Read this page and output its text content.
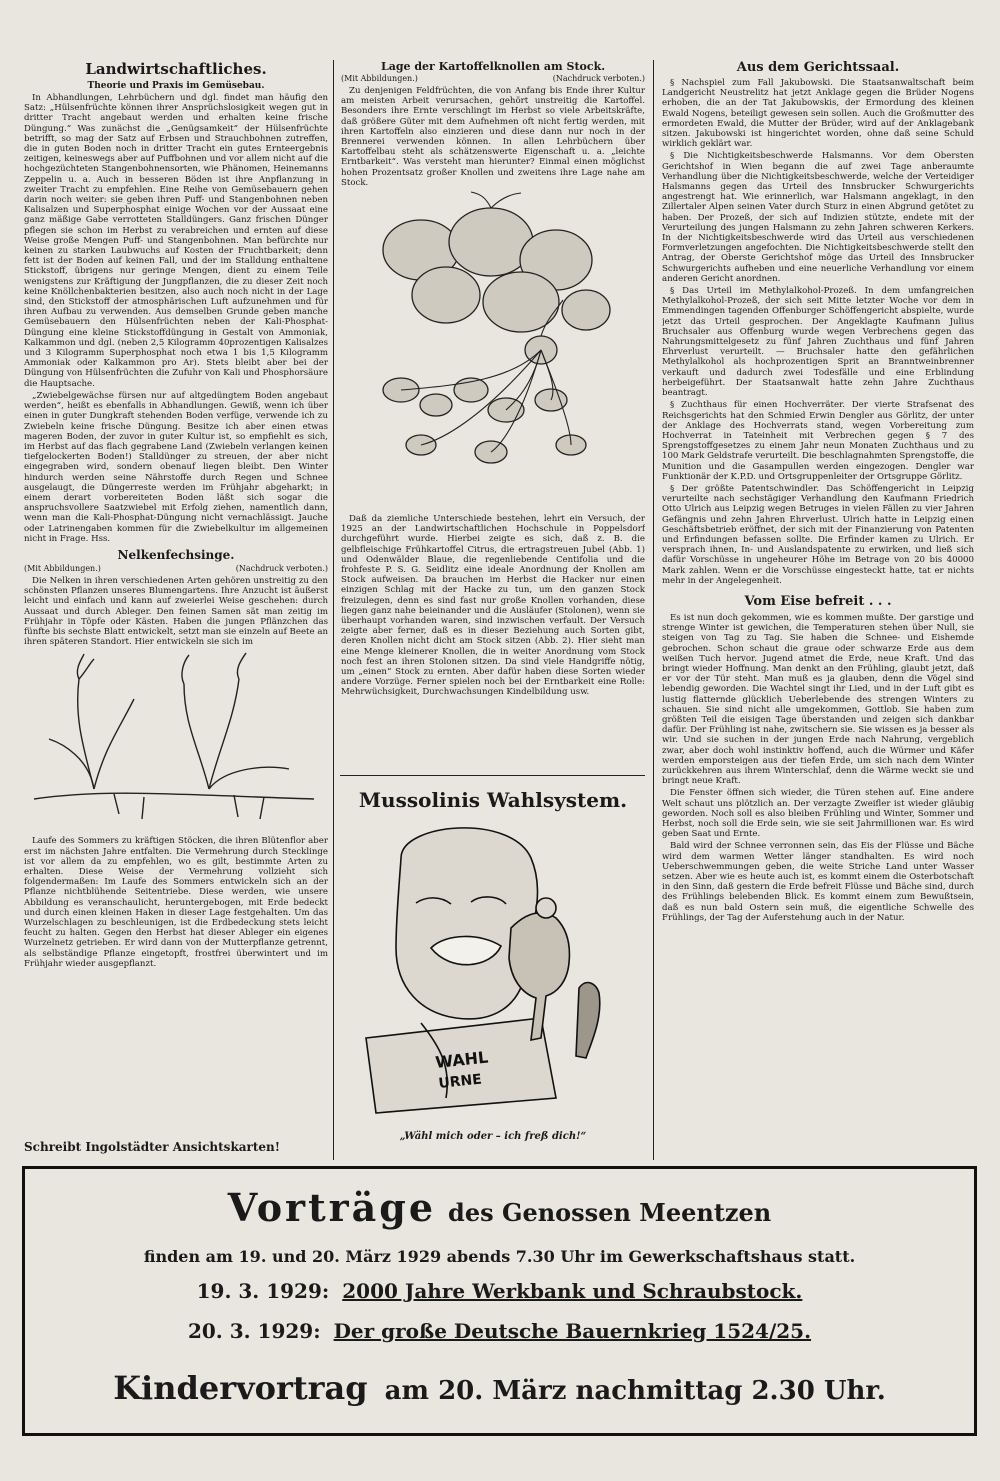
Landwirtschaftliches.
Theorie und Praxis im Gemüsebau.

In Abhandlungen, Lehrbüchern und dgl. findet man häufig den Satz: „Hülsenfrüchte können ihrer Ansprüchslosigkeit wegen gut in dritter Tracht angebaut werden und erhalten keine frische Düngung.“ Was zunächst die „Genügsamkeit“ der Hülsenfrüchte betrifft, so mag der Satz auf Erbsen und Strauchbohnen zutreffen, die in guten Boden noch in dritter Tracht ein gutes Ernteergebnis zeitigen, keineswegs aber auf Puffbohnen und vor allem nicht auf die hochgezüchteten Stangenbohnensorten, wie Phänomen, Heinemanns Zeppelin u. a. Auch in besseren Böden ist ihre Anpflanzung in zweiter Tracht zu empfehlen. Eine Reihe von Gemüsebauern gehen darin noch weiter: sie geben ihren Puff- und Stangenbohnen neben Kalisalzen und Superphosphat einige Wochen vor der Aussaat eine ganz mäßige Gabe verrotteten Stalldüngers. Ganz frischen Dünger pflegen sie schon im Herbst zu verabreichen und ernten auf diese Weise große Mengen Puff- und Stangenbohnen. Man befürchte nur keinen zu starken Laubwuchs auf Kosten der Fruchtbarkeit; denn fett ist der Boden auf keinen Fall, und der im Stalldung enthaltene Stickstoff, übrigens nur geringe Mengen, dient zu einem Teile wenigstens zur Kräftigung der Jungpflanzen, die zu dieser Zeit noch keine Knöllchenbakterien besitzen, also auch noch nicht in der Lage sind, den Stickstoff der atmosphärischen Luft aufzunehmen und für ihren Aufbau zu verwenden. Aus demselben Grunde geben manche Gemüsebauern den Hülsenfrüchten neben der Kali-Phosphat-Düngung eine kleine Stickstoffdüngung in Gestalt von Ammoniak, Kalkammon und dgl. (neben 2,5 Kilogramm 40prozentigen Kalisalzes und 3 Kilogramm Superphosphat noch etwa 1 bis 1,5 Kilogramm Ammoniak oder Kalkammon pro Ar). Stets bleibt aber bei der Düngung von Hülsenfrüchten die Zufuhr von Kali und Phosphorsäure die Hauptsache.

„Zwiebelgewächse fürsen nur auf altgedüngtem Boden angebaut werden“, heißt es ebenfalls in Abhandlungen. Gewiß, wenn ich über einen in guter Dungkraft stehenden Boden verfüge, verwende ich zu Zwiebeln keine frische Düngung. Besitze ich aber einen etwas mageren Boden, der zuvor in guter Kultur ist, so empfiehlt es sich, im Herbst auf das flach gegrabene Land (Zwiebeln verlangen keinen tiefgelockerten Boden!) Stalldünger zu streuen, der aber nicht eingegraben wird, sondern obenauf liegen bleibt. Den Winter hindurch werden seine Nährstoffe durch Regen und Schnee ausgelaugt, die Düngerreste werden im Frühjahr abgeharkt; in einem derart vorbereiteten Boden läßt sich sogar die anspruchsvollere Saatzwiebel mit Erfolg ziehen, namentlich dann, wenn man die Kali-Phosphat-Düngung nicht vernachlässigt. Jauche oder Latrinengaben kommen für die Zwiebelkultur im allgemeinen nicht in Frage. Hss.

Nelkenfechsinge.
(Mit Abbildungen.)	(Nachdruck verboten.)

Die Nelken in ihren verschiedenen Arten gehören unstreitig zu den schönsten Pflanzen unseres Blumengartens. Ihre Anzucht ist äußerst leicht und einfach und kann auf zweierlei Weise geschehen: durch Aussaat und durch Ableger. Den feinen Samen sät man zeitig im Frühjahr in Töpfe oder Kästen. Haben die jungen Pflänzchen das fünfte bis sechste Blatt entwickelt, setzt man sie einzeln auf Beete an ihren späteren Standort. Hier entwickeln sie sich im

Laufe des Sommers zu kräftigen Stöcken, die ihren Blütenflor aber erst im nächsten Jahre entfalten. Die Vermehrung durch Stecklinge ist vor allem da zu empfehlen, wo es gilt, bestimmte Arten zu erhalten. Diese Weise der Vermehrung vollzieht sich folgendermaßen: Im Laufe des Sommers entwickeln sich an der Pflanze nichtblühende Seitentriebe. Diese werden, wie unsere Abbildung es veranschaulicht, heruntergebogen, mit Erde bedeckt und durch einen kleinen Haken in dieser Lage festgehalten. Um das Wurzelschlagen zu beschleunigen, ist die Erdbedeckung stets leicht feucht zu halten. Gegen den Herbst hat dieser Ableger ein eigenes Wurzelnetz getrieben. Er wird dann von der Mutterpflanze getrennt, als selbständige Pflanze eingetopft, frostfrei überwintert und im Frühjahr wieder ausgepflanzt.

Schreibt Ingolstädter Ansichtskarten!
Lage der Kartoffelknollen am Stock.
(Mit Abbildungen.)	(Nachdruck verboten.)

Zu denjenigen Feldfrüchten, die von Anfang bis Ende ihrer Kultur am meisten Arbeit verursachen, gehört unstreitig die Kartoffel. Besonders ihre Ernte verschlingt im Herbst so viele Arbeitskräfte, daß größere Güter mit dem Aufnehmen oft nicht fertig werden, mit ihren Kartoffeln also einzieren und diese dann nur noch in der Brennerei verwenden können. In allen Lehrbüchern über Kartoffelbau steht als schätzenswerte Eigenschaft u. a. „leichte Erntbarkeit“. Was versteht man hierunter? Einmal einen möglichst hohen Prozentsatz großer Knollen und zweitens ihre Lage nahe am Stock.

Daß da ziemliche Unterschiede bestehen, lehrt ein Versuch, der 1925 an der Landwirtschaftlichen Hochschule in Poppelsdorf durchgeführt wurde. Hierbei zeigte es sich, daß z. B. die gelbfleischige Frühkartoffel Citrus, die ertragstreuen Jubel (Abb. 1) und Odenwälder Blaue, die regenliebende Centifolia und die frohfeste P. S. G. Seidlitz eine ideale Anordnung der Knollen am Stock aufweisen. Da brauchen im Herbst die Hacker nur einen einzigen Schlag mit der Hacke zu tun, um den ganzen Stock freizulegen, denn es sind fast nur große Knollen vorhanden, diese liegen ganz nahe beieinander und die Ausläufer (Stolonen), wenn sie überhaupt vorhanden waren, sind inzwischen verfault. Der Versuch zeigte aber ferner, daß es in dieser Beziehung auch Sorten gibt, deren Knollen nicht dicht am Stock sitzen (Abb. 2). Hier sieht man eine Menge kleinerer Knollen, die in weiter Anordnung vom Stock noch fest an ihren Stolonen sitzen. Da sind viele Handgriffe nötig, um „einen“ Stock zu ernten. Aber dafür haben diese Sorten wieder andere Vorzüge. Ferner spielen noch bei der Erntbarkeit eine Rolle: Mehrwüchsigkeit, Durchwachsungen Kindelbildung usw.

Mussolinis Wahlsystem.
WAHL
URNE
„Wähl mich oder – ich freß dich!“
Aus dem Gerichtssaal.

§ Nachspiel zum Fall Jakubowski. Die Staatsanwaltschaft beim Landgericht Neustrelitz hat jetzt Anklage gegen die Brüder Nogens erhoben, die an der Tat Jakubowskis, der Ermordung des kleinen Ewald Nogens, beteiligt gewesen sein sollen. Auch die Großmutter des ermordeten Ewald, die Mutter der Brüder, wird auf der Anklagebank sitzen. Jakubowski ist hingerichtet worden, ohne daß seine Schuld wirklich geklärt war.

§ Die Nichtigkeitsbeschwerde Halsmanns. Vor dem Obersten Gerichtshof in Wien begann die auf zwei Tage anberaumte Verhandlung über die Nichtigkeitsbeschwerde, welche der Verteidiger Halsmanns gegen das Urteil des Innsbrucker Schwurgerichts angestrengt hat. Wie erinnerlich, war Halsmann angeklagt, in den Zillertaler Alpen seinen Vater durch Sturz in einen Abgrund getötet zu haben. Der Prozeß, der sich auf Indizien stützte, endete mit der Verurteilung des jungen Halsmann zu zehn Jahren schweren Kerkers. In der Nichtigkeitsbeschwerde wird das Urteil aus verschiedenen Formverletzungen angefochten. Die Nichtigkeitsbeschwerde stellt den Antrag, der Oberste Gerichtshof möge das Urteil des Innsbrucker Schwurgerichts aufheben und eine neuerliche Verhandlung vor einem anderen Gericht anordnen.

§ Das Urteil im Methylalkohol-Prozeß. In dem umfangreichen Methylalkohol-Prozeß, der sich seit Mitte letzter Woche vor dem in Emmendingen tagenden Offenburger Schöffengericht abspielte, wurde jetzt das Urteil gesprochen. Der Angeklagte Kaufmann Julius Bruchsaler aus Offenburg wurde wegen Verbrechens gegen das Nahrungsmittelgesetz zu fünf Jahren Zuchthaus und fünf Jahren Ehrverlust verurteilt. — Bruchsaler hatte den gefährlichen Methylalkohol als hochprozentigen Sprit an Branntweinbrenner verkauft und dadurch zwei Todesfälle und eine Erblindung herbeigeführt. Der Staatsanwalt hatte zehn Jahre Zuchthaus beantragt.

§ Zuchthaus für einen Hochverräter. Der vierte Strafsenat des Reichsgerichts hat den Schmied Erwin Dengler aus Görlitz, der unter der Anklage des Hochverrats stand, wegen Vorbereitung zum Hochverrat in Tateinheit mit Verbrechen gegen § 7 des Sprengstoffgesetzes zu einem Jahr neun Monaten Zuchthaus und zu 100 Mark Geldstrafe verurteilt. Die beschlagnahmten Sprengstoffe, die Munition und die Gasampullen werden eingezogen. Dengler war Funktionär der K.P.D. und Ortsgruppenleiter der Ortsgruppe Görlitz.

§ Der größte Patentschwindler. Das Schöffengericht in Leipzig verurteilte nach sechstägiger Verhandlung den Kaufmann Friedrich Otto Ulrich aus Leipzig wegen Betruges in vielen Fällen zu vier Jahren Gefängnis und zehn Jahren Ehrverlust. Ulrich hatte in Leipzig einen Geschäftsbetrieb eröffnet, der sich mit der Finanzierung von Patenten und Erfindungen befassen sollte. Die Erfinder kamen zu Ulrich. Er versprach ihnen, In- und Auslandspatente zu erwirken, und ließ sich dafür Vorschüsse in ungeheurer Höhe im Betrage von 20 bis 40000 Mark zahlen. Wenn er die Vorschüsse eingesteckt hatte, tat er nichts mehr in der Angelegenheit.

Vom Eise befreit . . .

Es ist nun doch gekommen, wie es kommen mußte. Der garstige und strenge Winter ist gewichen, die Temperaturen stehen über Null, sie steigen von Tag zu Tag. Sie haben die Schnee- und Eishemde gebrochen. Schon schaut die graue oder schwarze Erde aus dem weißen Tuch hervor. Jugend atmet die Erde, neue Kraft. Und das bringt wieder Hoffnung. Man denkt an den Frühling, glaubt jetzt, daß er vor der Tür steht. Man muß es ja glauben, denn die Vögel sind lebendig geworden. Die Wachtel singt ihr Lied, und in der Luft gibt es lustig flatternde glücklich Ueberlebende des strengen Winters zu schauen. Sie sind nicht alle umgekommen, Gottlob. Sie haben zum größten Teil die eisigen Tage überstanden und zeigen sich dankbar dafür. Der Frühling ist nahe, zwitschern sie. Sie wissen es ja besser als wir. Und sie suchen in der jungen Erde nach Nahrung, vergeblich zwar, aber doch wohl instinktiv hoffend, auch die Würmer und Käfer werden emporsteigen aus der tiefen Erde, um sich nach dem Winter zurückkehren aus ihrem Winterschlaf, denn die Wärme weckt sie und bringt neue Kraft.

Die Fenster öffnen sich wieder, die Türen stehen auf. Eine andere Welt schaut uns plötzlich an. Der verzagte Zweifler ist wieder gläubig geworden. Noch soll es also bleiben Frühling und Winter, Sommer und Herbst, noch soll die Erde sein, wie sie seit Jahrmillionen war. Es wird geben Saat und Ernte.

Bald wird der Schnee verronnen sein, das Eis der Flüsse und Bäche wird dem warmen Wetter länger standhalten. Es wird noch Ueberschwemmungen geben, die weite Striche Land unter Wasser setzen. Aber wie es heute auch ist, es kommt einem die Osterbotschaft in den Sinn, daß gestern die Erde befreit Flüsse und Bäche sind, durch des Frühlings belebenden Blick. Es kommt einem zum Bewußtsein, daß es nun bald Ostern sein muß, die eigentliche Schwelle des Frühlings, der Tag der Auferstehung auch in der Natur.

Vorträge des Genossen Meentzen
finden am 19. und 20. März 1929 abends 7.30 Uhr im Gewerkschaftshaus statt.
19. 3. 1929: 2000 Jahre Werkbank und Schraubstock.
20. 3. 1929: Der große Deutsche Bauernkrieg 1524/25.
Kindervortrag am 20. März nachmittag 2.30 Uhr.
